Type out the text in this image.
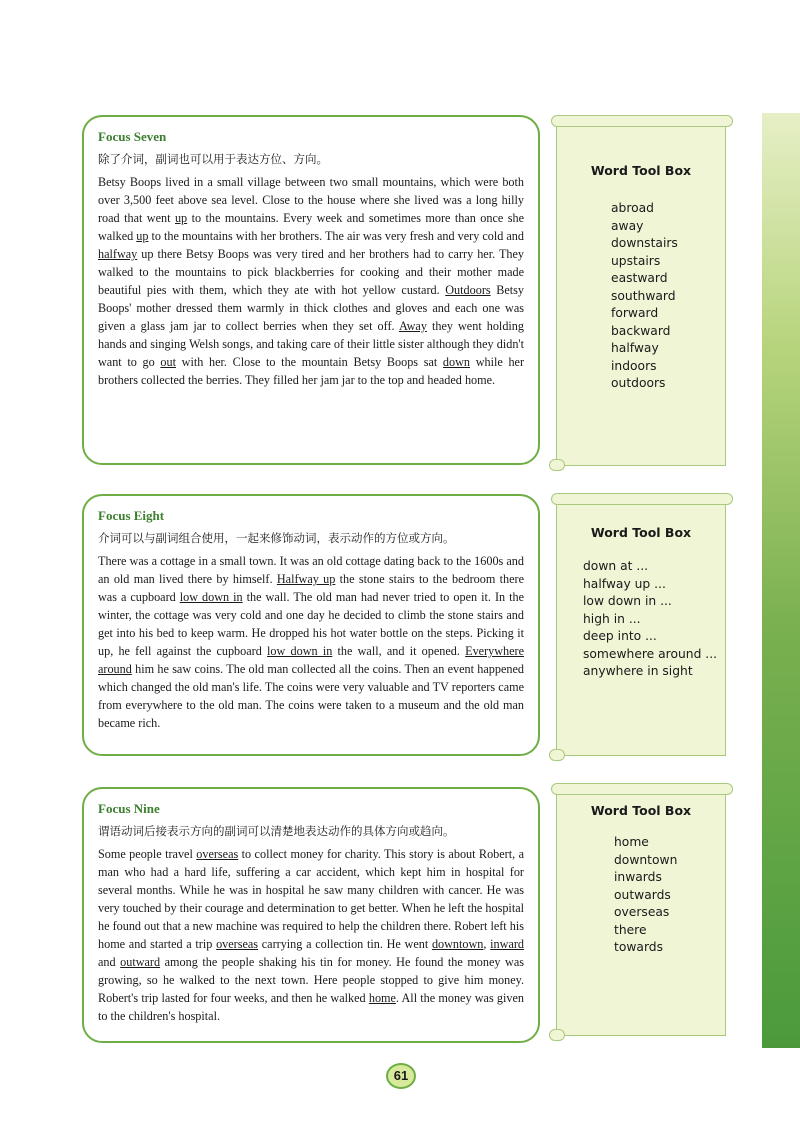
Focus Seven

除了介词，副词也可以用于表达方位、方向。

Betsy Boops lived in a small village between two small mountains, which were both over 3,500 feet above sea level. Close to the house where she lived was a long hilly road that went up to the mountains. Every week and sometimes more than once she walked up to the mountains with her brothers. The air was very fresh and very cold and halfway up there Betsy Boops was very tired and her brothers had to carry her. They walked to the mountains to pick blackberries for cooking and their mother made beautiful pies with them, which they ate with hot yellow custard. Outdoors Betsy Boops' mother dressed them warmly in thick clothes and gloves and each one was given a glass jam jar to collect berries when they set off. Away they went holding hands and singing Welsh songs, and taking care of their little sister although they didn't want to go out with her. Close to the mountain Betsy Boops sat down while her brothers collected the berries. They filled her jam jar to the top and headed home.

Word Tool Box

abroad
away
downstairs
upstairs
eastward
southward
forward
backward
halfway
indoors
outdoors

Focus Eight

介词可以与副词组合使用，一起来修饰动词，表示动作的方位或方向。

There was a cottage in a small town. It was an old cottage dating back to the 1600s and an old man lived there by himself. Halfway up the stone stairs to the bedroom there was a cupboard low down in the wall. The old man had never tried to open it. In the winter, the cottage was very cold and one day he decided to climb the stone stairs and get into his bed to keep warm. He dropped his hot water bottle on the steps. Picking it up, he fell against the cupboard low down in the wall, and it opened. Everywhere around him he saw coins. The old man collected all the coins. Then an event happened which changed the old man's life. The coins were very valuable and TV reporters came from everywhere to the old man. The coins were taken to a museum and the old man became rich.

Word Tool Box

down at ...
halfway up ...
low down in ...
high in ...
deep into ...
somewhere around ...
anywhere in sight

Focus Nine

谓语动词后接表示方向的副词可以清楚地表达动作的具体方向或趋向。

Some people travel overseas to collect money for charity. This story is about Robert, a man who had a hard life, suffering a car accident, which kept him in hospital for several months. While he was in hospital he saw many children with cancer. He was very touched by their courage and determination to get better. When he left the hospital he found out that a new machine was required to help the children there. Robert left his home and started a trip overseas carrying a collection tin. He went downtown, inward and outward among the people shaking his tin for money. He found the money was growing, so he walked to the next town. Here people stopped to give him money. Robert's trip lasted for four weeks, and then he walked home. All the money was given to the children's hospital.

Word Tool Box

home
downtown
inwards
outwards
overseas
there
towards
61
